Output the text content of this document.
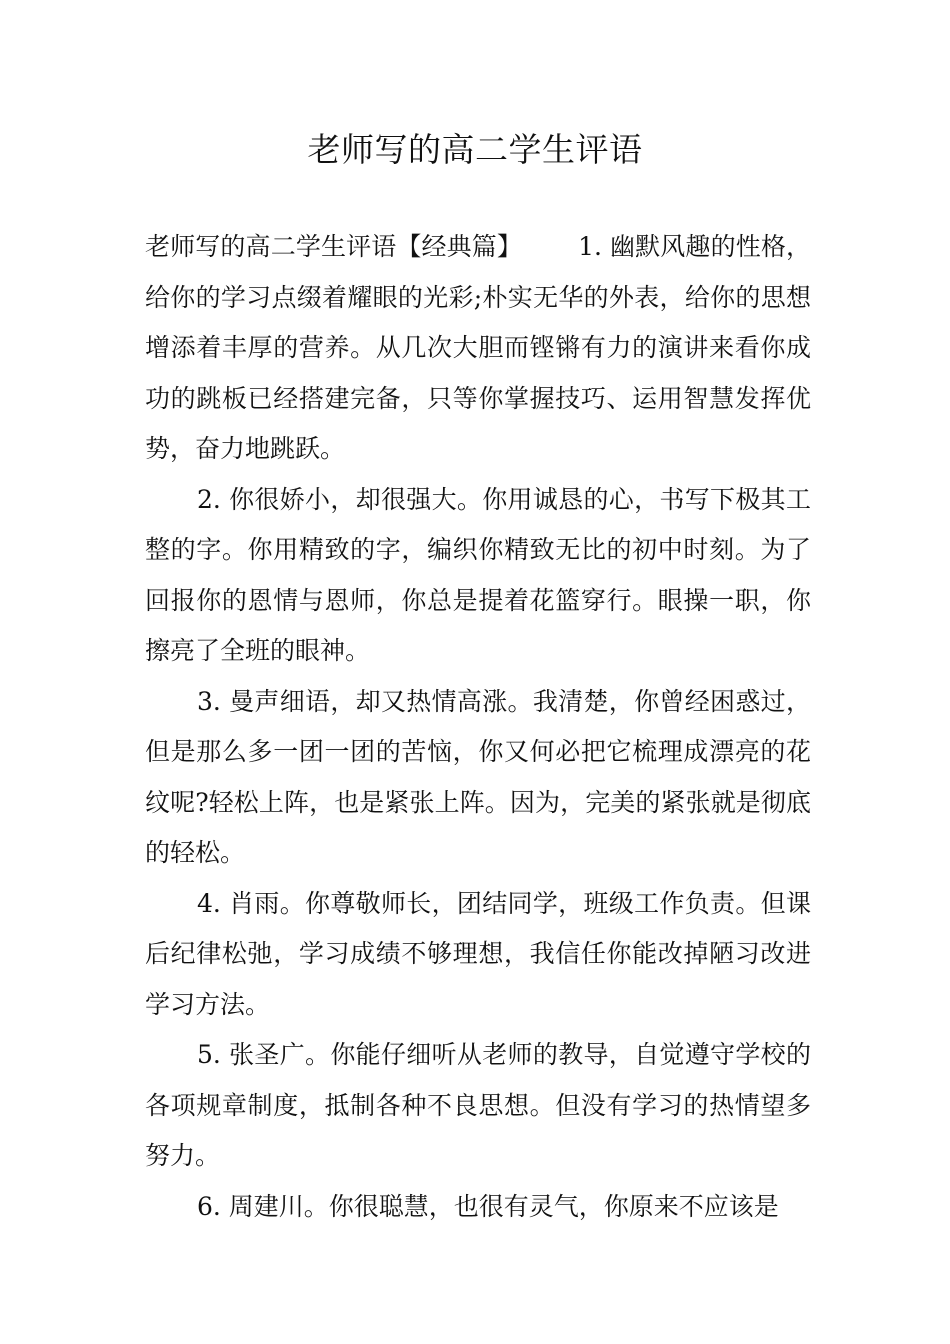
老师写的高二学生评语

老师写的高二学生评语【经典篇】 1. 幽默风趣的性格，给你的学习点缀着耀眼的光彩;朴实无华的外表，给你的思想增添着丰厚的营养。从几次大胆而铿锵有力的演讲来看你成功的跳板已经搭建完备，只等你掌握技巧、运用智慧发挥优势，奋力地跳跃。

2. 你很娇小，却很强大。你用诚恳的心，书写下极其工整的字。你用精致的字，编织你精致无比的初中时刻。为了回报你的恩情与恩师，你总是提着花篮穿行。眼操一职，你擦亮了全班的眼神。

3. 曼声细语，却又热情高涨。我清楚，你曾经困惑过，但是那么多一团一团的苦恼，你又何必把它梳理成漂亮的花纹呢?轻松上阵，也是紧张上阵。因为，完美的紧张就是彻底的轻松。

4. 肖雨。你尊敬师长，团结同学，班级工作负责。但课后纪律松弛，学习成绩不够理想，我信任你能改掉陋习改进学习方法。

5. 张圣广。你能仔细听从老师的教导，自觉遵守学校的各项规章制度，抵制各种不良思想。但没有学习的热情望多努力。

6. 周建川。你很聪慧，也很有灵气，你原来不应该是
